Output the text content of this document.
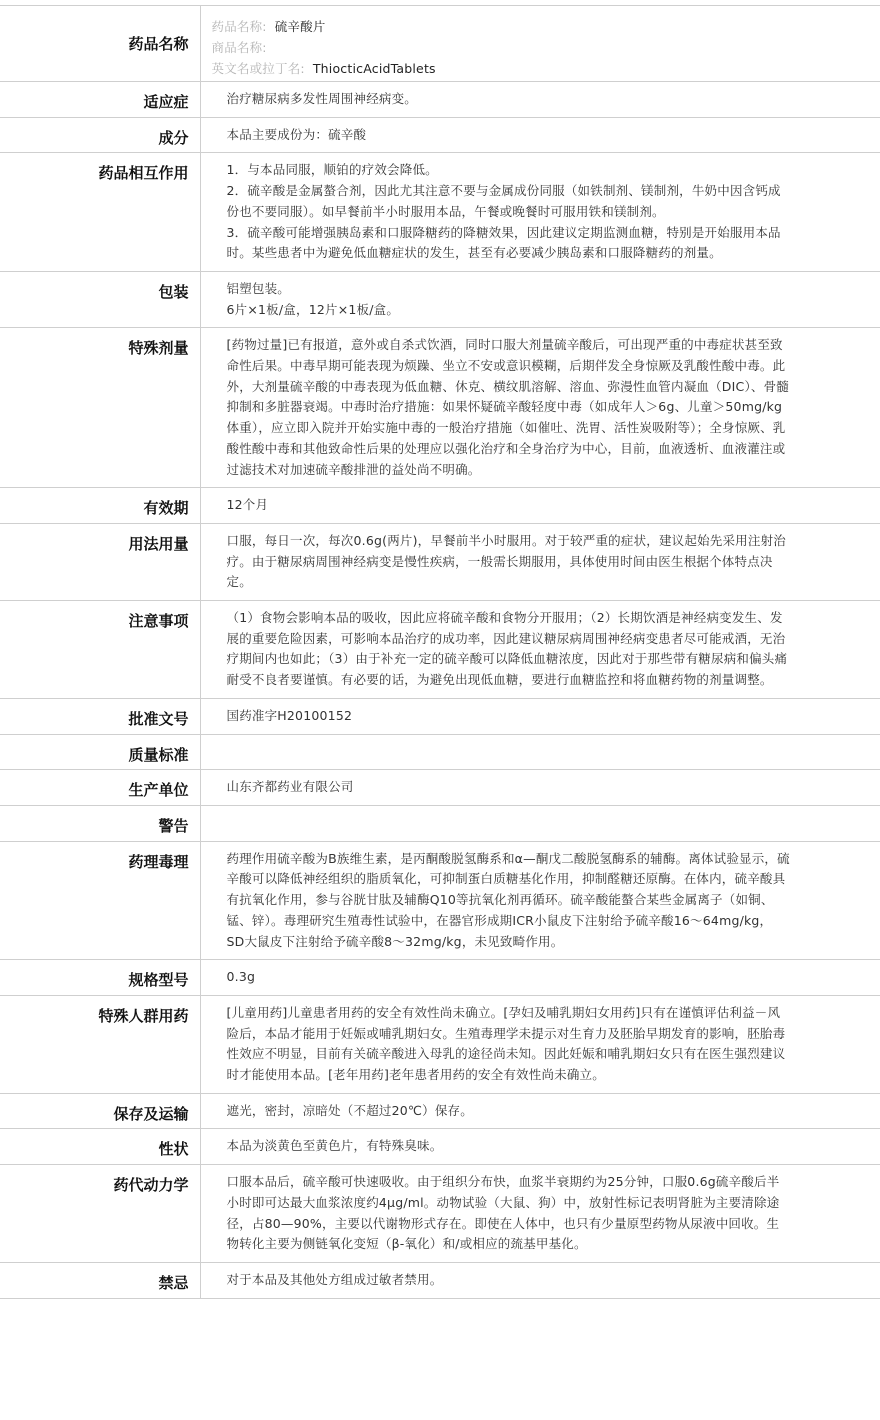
药品名称	药品名称: 硫辛酸片
商品名称:
英文名或拉丁名: ThiocticAcidTablets

适应症	治疗糖尿病多发性周围神经病变。

成分	本品主要成份为：硫辛酸

药品相互作用	1．与本品同服，顺铂的疗效会降低。
2．硫辛酸是金属螯合剂，因此尤其注意不要与金属成份同服（如铁制剂、镁制剂，牛奶中因含钙成份也不要同服）。如早餐前半小时服用本品，午餐或晚餐时可服用铁和镁制剂。
3．硫辛酸可能增强胰岛素和口服降糖药的降糖效果，因此建议定期监测血糖，特别是开始服用本品时。某些患者中为避免低血糖症状的发生，甚至有必要减少胰岛素和口服降糖药的剂量。

包装	铝塑包装。
6片×1板/盒，12片×1板/盒。

特殊剂量	[药物过量]已有报道，意外或自杀式饮酒，同时口服大剂量硫辛酸后，可出现严重的中毒症状甚至致命性后果。中毒早期可能表现为烦躁、坐立不安或意识模糊，后期伴发全身惊厥及乳酸性酸中毒。此外，大剂量硫辛酸的中毒表现为低血糖、休克、横纹肌溶解、溶血、弥漫性血管内凝血（DIC）、骨髓抑制和多脏器衰竭。中毒时治疗措施：如果怀疑硫辛酸轻度中毒（如成年人＞6g、儿童＞50mg/kg体重），应立即入院并开始实施中毒的一般治疗措施（如催吐、洗胃、活性炭吸附等）；全身惊厥、乳酸性酸中毒和其他致命性后果的处理应以强化治疗和全身治疗为中心，目前，血液透析、血液灌注或过滤技术对加速硫辛酸排泄的益处尚不明确。

有效期	12个月

用法用量	口服，每日一次，每次0.6g(两片)，早餐前半小时服用。对于较严重的症状，建议起始先采用注射治疗。由于糖尿病周围神经病变是慢性疾病，一般需长期服用，具体使用时间由医生根据个体特点决定。

注意事项	（1）食物会影响本品的吸收，因此应将硫辛酸和食物分开服用；（2）长期饮酒是神经病变发生、发展的重要危险因素，可影响本品治疗的成功率，因此建议糖尿病周围神经病变患者尽可能戒酒，无治疗期间内也如此；（3）由于补充一定的硫辛酸可以降低血糖浓度，因此对于那些带有糖尿病和偏头痛耐受不良者要谨慎。有必要的话，为避免出现低血糖，要进行血糖监控和将血糖药物的剂量调整。

批准文号	国药准字H20100152

质量标准	

生产单位	山东齐都药业有限公司

警告	

药理毒理	药理作用硫辛酸为B族维生素，是丙酮酸脱氢酶系和α—酮戊二酸脱氢酶系的辅酶。离体试验显示，硫辛酸可以降低神经组织的脂质氧化，可抑制蛋白质糖基化作用，抑制醛糖还原酶。在体内，硫辛酸具有抗氧化作用，参与谷胱甘肽及辅酶Q10等抗氧化剂再循环。硫辛酸能螯合某些金属离子（如铜、锰、锌）。毒理研究生殖毒性试验中，在器官形成期ICR小鼠皮下注射给予硫辛酸16～64mg/kg，SD大鼠皮下注射给予硫辛酸8～32mg/kg，未见致畸作用。

规格型号	0.3g

特殊人群用药	[儿童用药]儿童患者用药的安全有效性尚未确立。[孕妇及哺乳期妇女用药]只有在谨慎评估利益－风险后，本品才能用于妊娠或哺乳期妇女。生殖毒理学未提示对生育力及胚胎早期发育的影响，胚胎毒性效应不明显，目前有关硫辛酸进入母乳的途径尚未知。因此妊娠和哺乳期妇女只有在医生强烈建议时才能使用本品。[老年用药]老年患者用药的安全有效性尚未确立。

保存及运输	遮光，密封，凉暗处（不超过20℃）保存。

性状	本品为淡黄色至黄色片，有特殊臭味。

药代动力学	口服本品后，硫辛酸可快速吸收。由于组织分布快，血浆半衰期约为25分钟，口服0.6g硫辛酸后半小时即可达最大血浆浓度约4μg/ml。动物试验（大鼠、狗）中，放射性标记表明肾脏为主要清除途径，占80—90%，主要以代谢物形式存在。即使在人体中，也只有少量原型药物从尿液中回收。生物转化主要为侧链氧化变短（β-氧化）和/或相应的巯基甲基化。

禁忌	对于本品及其他处方组成过敏者禁用。
